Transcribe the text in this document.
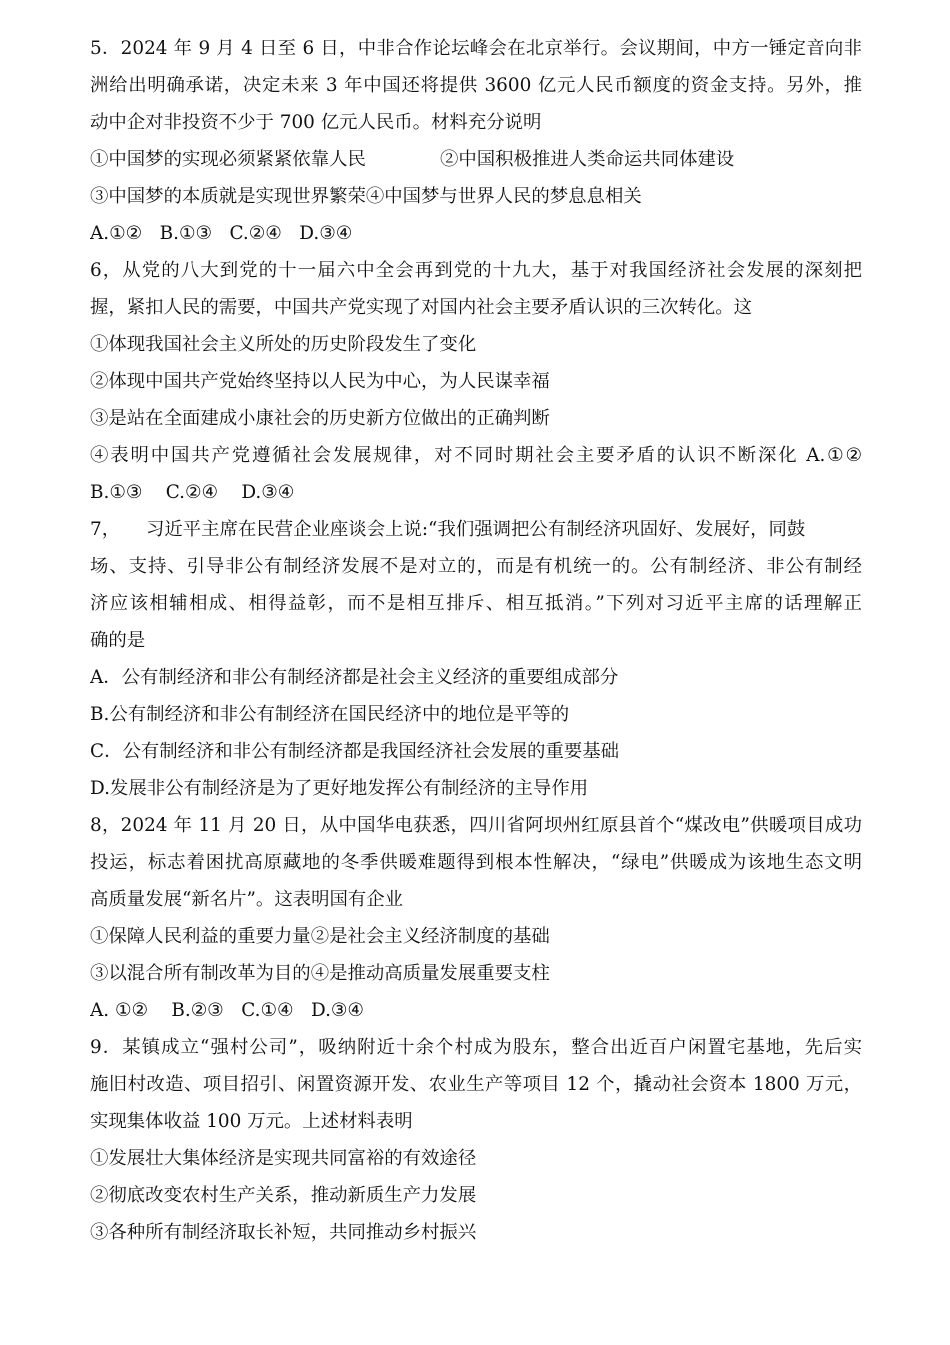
5．2024 年 9 月 4 日至 6 日，中非合作论坛峰会在北京举行。会议期间，中方一锤定音向非
洲给出明确承诺，决定未来 3 年中国还将提供 3600 亿元人民币额度的资金支持。另外，推
动中企对非投资不少于 700 亿元人民币。材料充分说明
①中国梦的实现必须紧紧依靠人民	②中国积极推进人类命运共同体建设
③中国梦的本质就是实现世界繁荣④中国梦与世界人民的梦息息相关
A.①②   B.①③   C.②④   D.③④
6，从党的八大到党的十一届六中全会再到党的十九大，基于对我国经济社会发展的深刻把
握，紧扣人民的需要，中国共产党实现了对国内社会主要矛盾认识的三次转化。这
①体现我国社会主义所处的历史阶段发生了变化
②体现中国共产党始终坚持以人民为中心，为人民谋幸福
③是站在全面建成小康社会的历史新方位做出的正确判断
④表明中国共产党遵循社会发展规律，对不同时期社会主要矛盾的认识不断深化 A.①②
B.①③    C.②④    D.③④
7， 习近平主席在民营企业座谈会上说:“我们强调把公有制经济巩固好、发展好，同鼓
场、支持、引导非公有制经济发展不是对立的，而是有机统一的。公有制经济、非公有制经
济应该相辅相成、相得益彰，而不是相互排斥、相互抵消。”下列对习近平主席的话理解正
确的是
A．公有制经济和非公有制经济都是社会主义经济的重要组成部分
B.公有制经济和非公有制经济在国民经济中的地位是平等的
C．公有制经济和非公有制经济都是我国经济社会发展的重要基础
D.发展非公有制经济是为了更好地发挥公有制经济的主导作用
8，2024 年 11 月 20 日，从中国华电获悉，四川省阿坝州红原县首个“煤改电”供暖项目成功
投运，标志着困扰高原藏地的冬季供暖难题得到根本性解决，“绿电”供暖成为该地生态文明
高质量发展“新名片”。这表明国有企业
①保障人民利益的重要力量②是社会主义经济制度的基础
③以混合所有制改革为目的④是推动高质量发展重要支柱
A. ①②    B.②③   C.①④   D.③④
9．某镇成立“强村公司”，吸纳附近十余个村成为股东，整合出近百户闲置宅基地，先后实
施旧村改造、项目招引、闲置资源开发、农业生产等项目 12 个，撬动社会资本 1800 万元，
实现集体收益 100 万元。上述材料表明
①发展壮大集体经济是实现共同富裕的有效途径
②彻底改变农村生产关系，推动新质生产力发展
③各种所有制经济取长补短，共同推动乡村振兴
